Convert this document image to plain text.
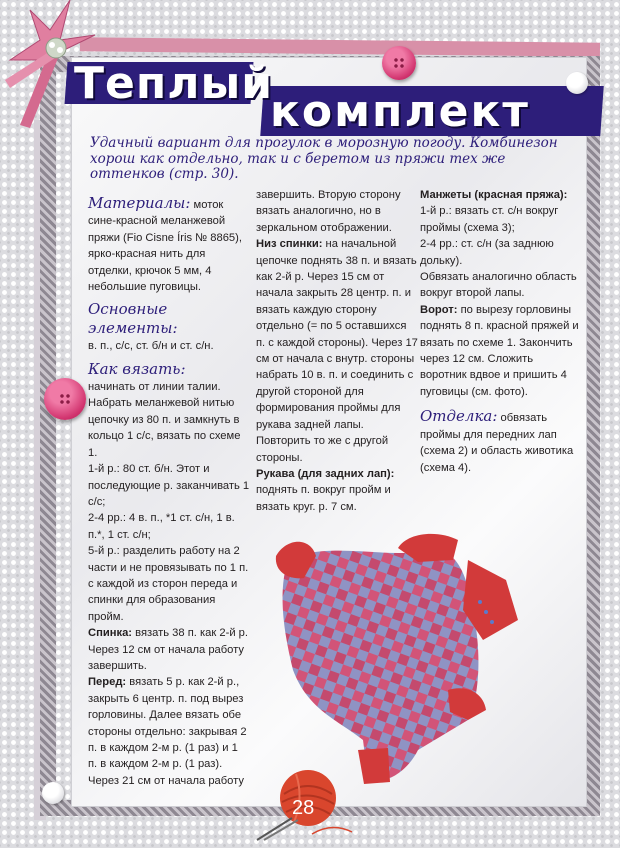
Теплый
комплект
Удачный вариант для прогулок в морозную погоду. Комбинезон хорош как отдельно, так и с беретом из пряжи тех же оттенков (стр. 30).

Материалы: моток сине-красной меланжевой пряжи (Fio Cisne Íris № 8865), ярко-красная нить для отделки, крючок 5 мм, 4 небольшие пуговицы.

Основные элементы:

в. п., с/с, ст. б/н и ст. с/н.

Как вязать:

начинать от линии талии. Набрать меланжевой нитью цепочку из 80 п. и замкнуть в кольцо 1 с/с, вязать по схеме 1.

1-й р.: 80 ст. б/н. Этот и последующие р. заканчивать 1 с/с;

2-4 рр.: 4 в. п., *1 ст. с/н, 1 в. п.*, 1 ст. с/н;

5-й р.: разделить работу на 2 части и не провязывать по 1 п. с каждой из сторон переда и спинки для образования пройм.

Спинка: вязать 38 п. как 2-й р. Через 12 см от начала работу завершить.

Перед: вязать 5 р. как 2-й р., закрыть 6 центр. п. под вырез горловины. Далее вязать обе стороны отдельно: закрывая 2 п. в каждом 2-м р. (1 раз) и 1 п. в каждом 2-м р. (1 раз). Через 21 см от начала работу

завершить. Вторую сторону вязать аналогично, но в зеркальном отображении.

Низ спинки: на начальной цепочке поднять 38 п. и вязать как 2-й р. Через 15 см от начала закрыть 28 центр. п. и вязать каждую сторону отдельно (= по 5 оставшихся п. с каждой стороны). Через 17 см от начала с внутр. стороны набрать 10 в. п. и соединить с другой стороной для формирования проймы для рукава задней лапы. Повторить то же с другой стороны.

Рукава (для задних лап): поднять п. вокруг пройм и вязать круг. р. 7 см.

Манжеты (красная пряжа):

1-й р.: вязать ст. с/н вокруг проймы (схема 3);

2-4 рр.: ст. с/н (за заднюю дольку).

Обвязать аналогично область вокруг второй лапы.

Ворот: по вырезу горловины поднять 8 п. красной пряжей и вязать по схеме 1. Закончить через 12 см. Сложить воротник вдвое и пришить 4 пуговицы (см. фото).

Отделка: обвязать проймы для передних лап (схема 2) и область животика (схема 4).

28
